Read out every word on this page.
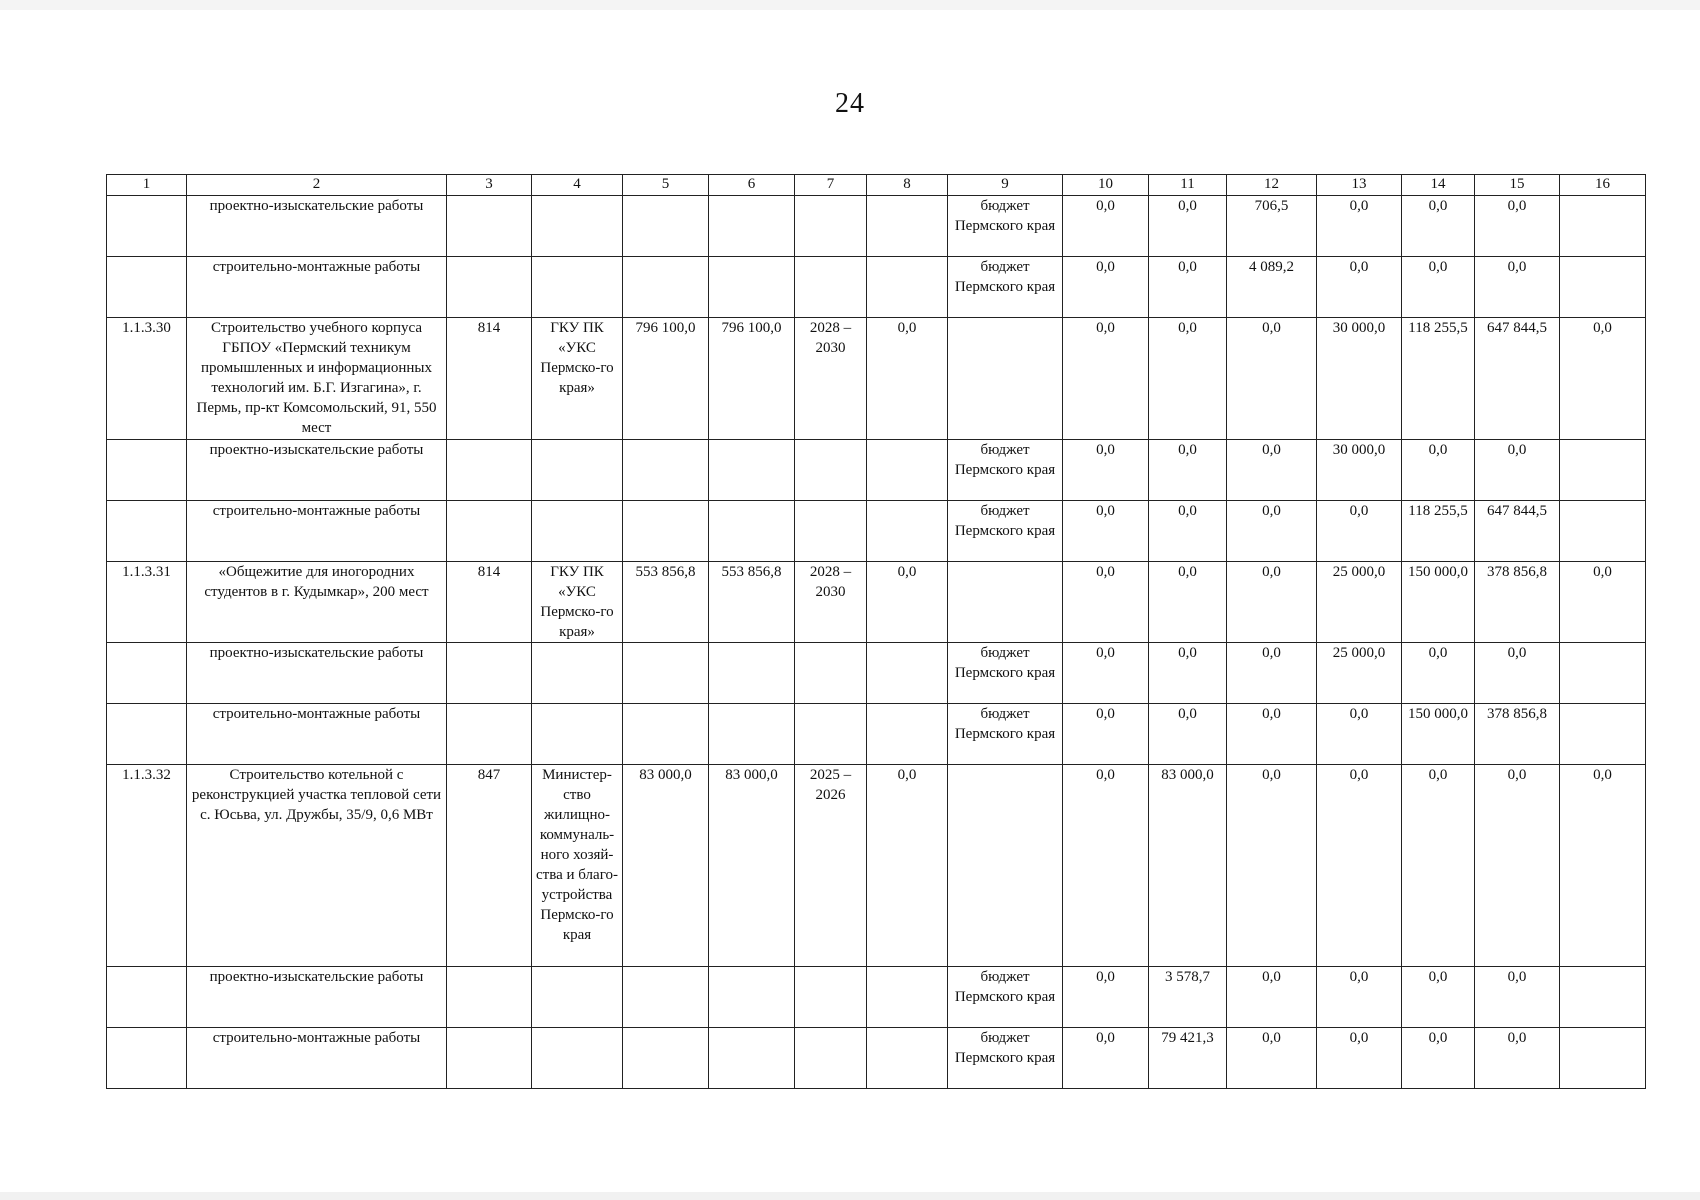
24
1	2	3	4	5	6	7	8	9	10	11	12	13	14	15	16
	проектно-изыскательские работы							бюджет Пермского края	0,0	0,0	706,5	0,0	0,0	0,0	
	строительно-монтажные работы							бюджет Пермского края	0,0	0,0	4 089,2	0,0	0,0	0,0	
1.1.3.30	Строительство учебного корпуса ГБПОУ «Пермский техникум промышленных и информационных технологий им. Б.Г. Изгагина», г. Пермь, пр-кт Комсомольский, 91, 550 мест	814	ГКУ ПК «УКС Пермско-го края»	796 100,0	796 100,0	2028 – 2030	0,0		0,0	0,0	0,0	30 000,0	118 255,5	647 844,5	0,0
	проектно-изыскательские работы							бюджет Пермского края	0,0	0,0	0,0	30 000,0	0,0	0,0	
	строительно-монтажные работы							бюджет Пермского края	0,0	0,0	0,0	0,0	118 255,5	647 844,5	
1.1.3.31	«Общежитие для иногородних студентов в г. Кудымкар», 200 мест	814	ГКУ ПК «УКС Пермско-го края»	553 856,8	553 856,8	2028 – 2030	0,0		0,0	0,0	0,0	25 000,0	150 000,0	378 856,8	0,0
	проектно-изыскательские работы							бюджет Пермского края	0,0	0,0	0,0	25 000,0	0,0	0,0	
	строительно-монтажные работы							бюджет Пермского края	0,0	0,0	0,0	0,0	150 000,0	378 856,8	
1.1.3.32	Строительство котельной с реконструкцией участка тепловой сети с. Юсьва, ул. Дружбы, 35/9, 0,6 МВт	847	Министер-ство жилищно-коммуналь-ного хозяй-ства и благо-устройства Пермско-го края	83 000,0	83 000,0	2025 – 2026	0,0		0,0	83 000,0	0,0	0,0	0,0	0,0	0,0
	проектно-изыскательские работы							бюджет Пермского края	0,0	3 578,7	0,0	0,0	0,0	0,0	
	строительно-монтажные работы							бюджет Пермского края	0,0	79 421,3	0,0	0,0	0,0	0,0	
